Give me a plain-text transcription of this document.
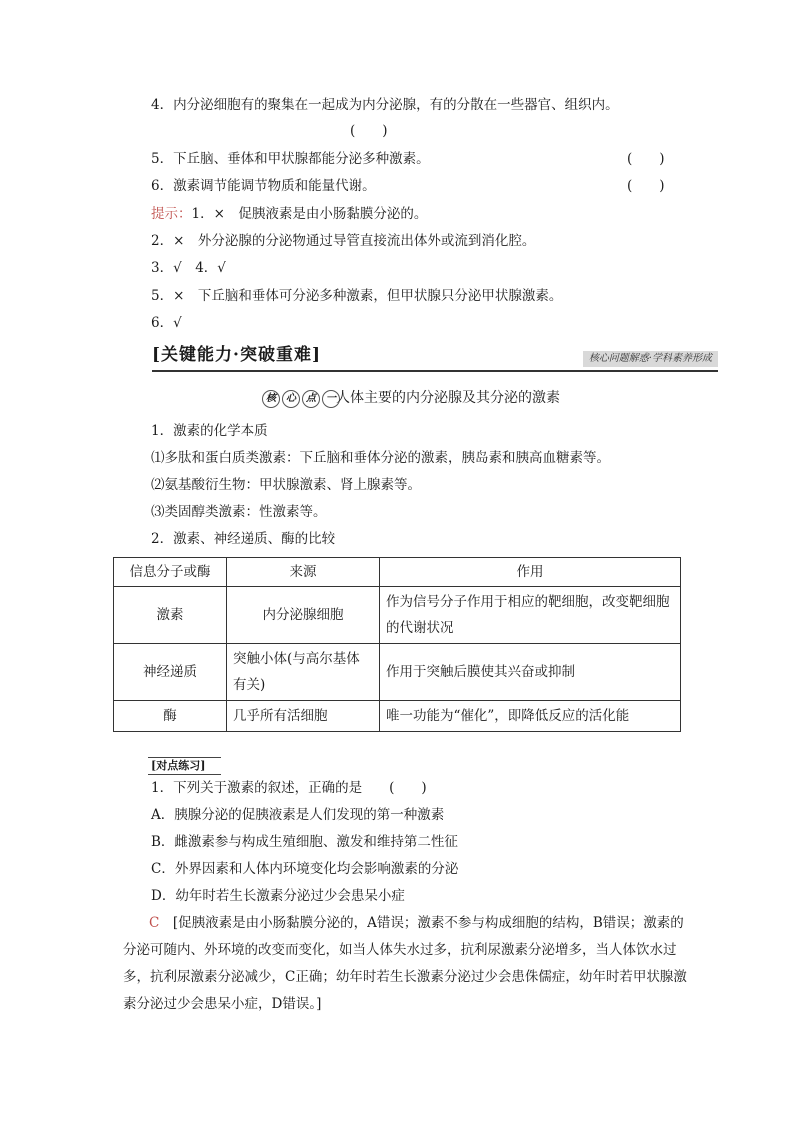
4．内分泌细胞有的聚集在一起成为内分泌腺，有的分散在一些器官、组织内。
(　　)
5．下丘脑、垂体和甲状腺都能分泌多种激素。	(　　)
6．激素调节能调节物质和能量代谢。	(　　)
提示：1．×　促胰液素是由小肠黏膜分泌的。
2．×　外分泌腺的分泌物通过导管直接流出体外或流到消化腔。
3．√　4．√
5．×　下丘脑和垂体可分泌多种激素，但甲状腺只分泌甲状腺激素。
6．√
[关键能力·突破重难]	核心问题解惑·学科素养形成
核	心	点	一 人体主要的内分泌腺及其分泌的激素
1．激素的化学本质
⑴多肽和蛋白质类激素：下丘脑和垂体分泌的激素，胰岛素和胰高血糖素等。
⑵氨基酸衍生物：甲状腺激素、肾上腺素等。
⑶类固醇类激素：性激素等。
2．激素、神经递质、酶的比较
信息分子或酶	来源	作用
激素	内分泌腺细胞	作为信号分子作用于相应的靶细胞，改变靶细胞的代谢状况
神经递质	突触小体(与高尔基体有关)	作用于突触后膜使其兴奋或抑制
酶	几乎所有活细胞	唯一功能为“催化”，即降低反应的活化能
[对点练习]
1．下列关于激素的叙述，正确的是　　(　　)
A．胰腺分泌的促胰液素是人们发现的第一种激素
B．雌激素参与构成生殖细胞、激发和维持第二性征
C．外界因素和人体内环境变化均会影响激素的分泌
D．幼年时若生长激素分泌过少会患呆小症
C　 [促胰液素是由小肠黏膜分泌的，A错误；激素不参与构成细胞的结构，B错误；激素的分泌可随内、外环境的改变而变化，如当人体失水过多，抗利尿激素分泌增多，当人体饮水过多，抗利尿激素分泌减少，C正确；幼年时若生长激素分泌过少会患侏儒症，幼年时若甲状腺激素分泌过少会患呆小症，D错误。]
